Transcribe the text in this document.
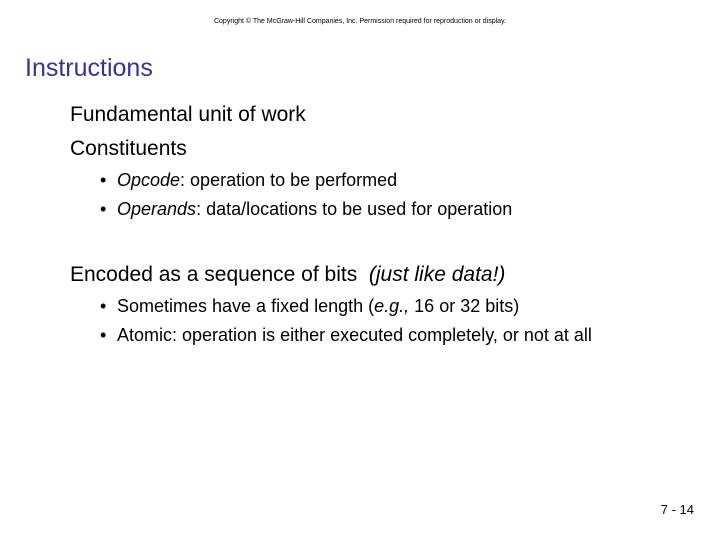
Copyright © The McGraw-Hill Companies, Inc. Permission required for reproduction or display.
Instructions
Fundamental unit of work
Constituents
• Opcode: operation to be performed
• Operands: data/locations to be used for operation
Encoded as a sequence of bits (just like data!)
• Sometimes have a fixed length (e.g., 16 or 32 bits)
• Atomic: operation is either executed completely, or not at all
7 - 14
